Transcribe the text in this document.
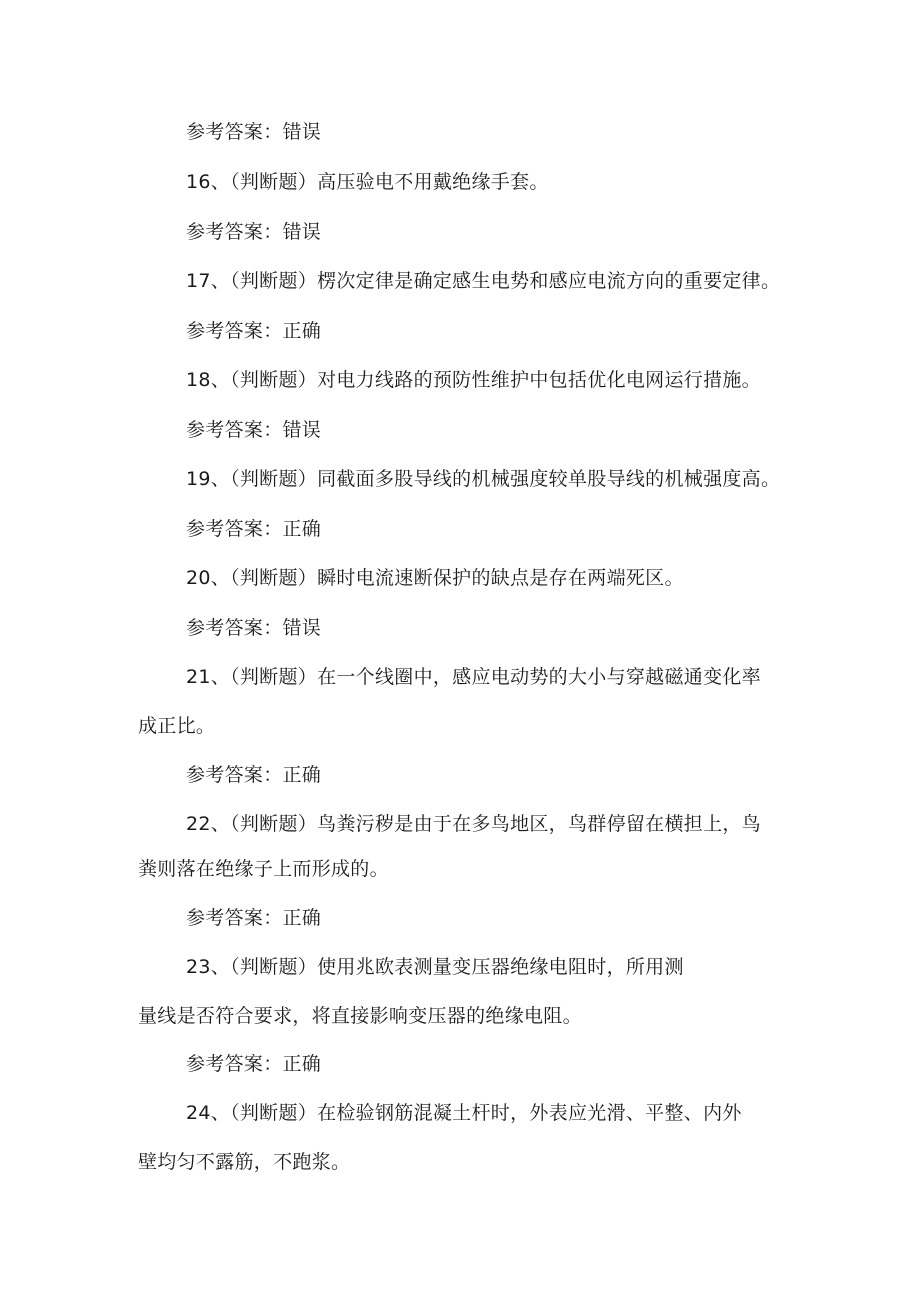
参考答案：错误
16、（判断题）高压验电不用戴绝缘手套。
参考答案：错误
17、（判断题）楞次定律是确定感生电势和感应电流方向的重要定律。
参考答案：正确
18、（判断题）对电力线路的预防性维护中包括优化电网运行措施。
参考答案：错误
19、（判断题）同截面多股导线的机械强度较单股导线的机械强度高。
参考答案：正确
20、（判断题）瞬时电流速断保护的缺点是存在两端死区。
参考答案：错误
21、（判断题）在一个线圈中，感应电动势的大小与穿越磁通变化率
成正比。
参考答案：正确
22、（判断题）鸟粪污秽是由于在多鸟地区，鸟群停留在横担上，鸟
粪则落在绝缘子上而形成的。
参考答案：正确
23、（判断题）使用兆欧表测量变压器绝缘电阻时，所用测
量线是否符合要求，将直接影响变压器的绝缘电阻。
参考答案：正确
24、（判断题）在检验钢筋混凝土杆时，外表应光滑、平整、内外
壁均匀不露筋，不跑浆。
